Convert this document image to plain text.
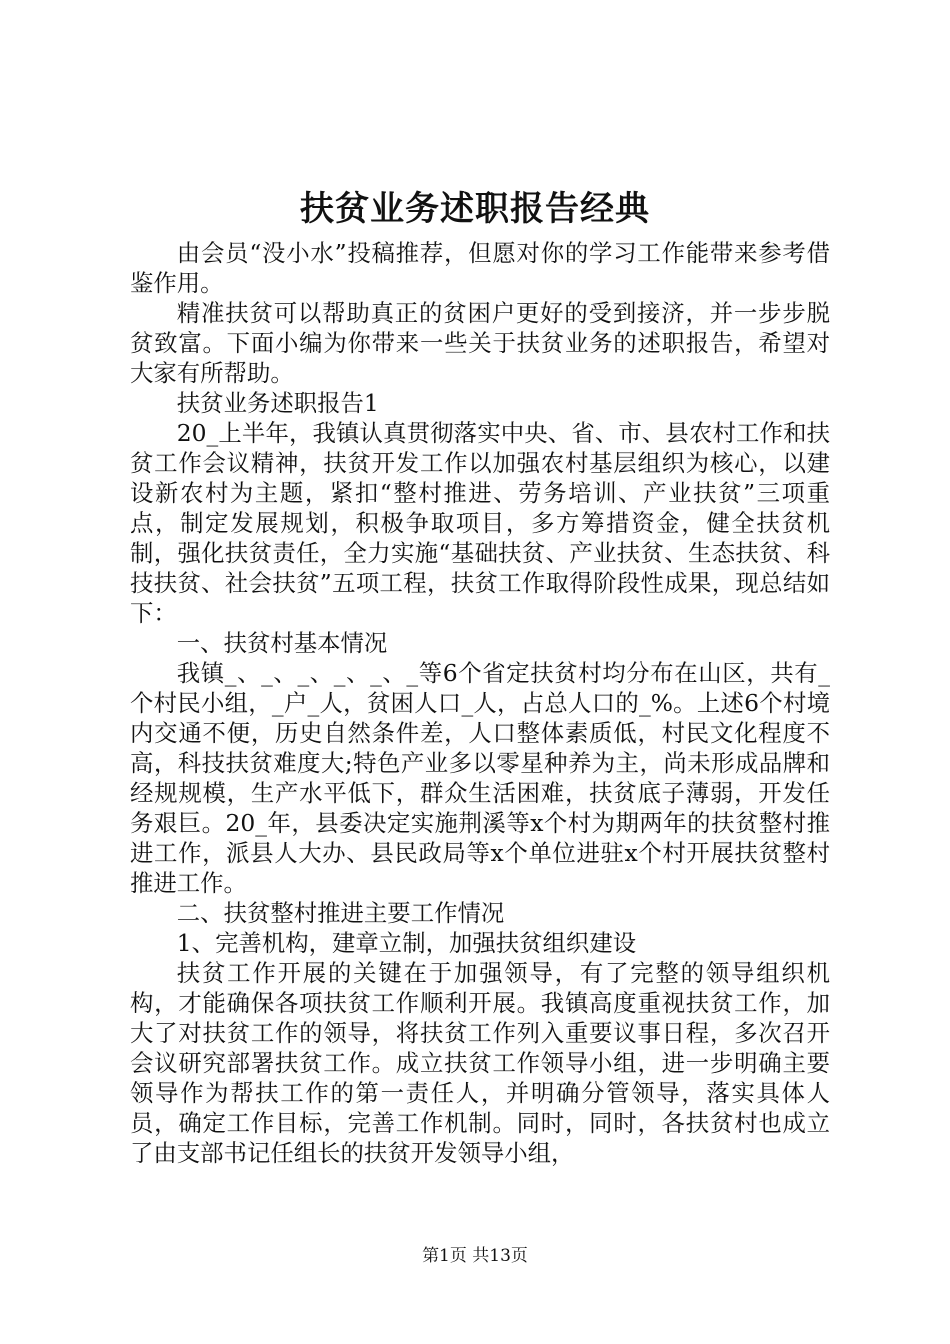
扶贫业务述职报告经典

由会员“没小水”投稿推荐，但愿对你的学习工作能带来参考借鉴作用。

精准扶贫可以帮助真正的贫困户更好的受到接济，并一步步脱贫致富。下面小编为你带来一些关于扶贫业务的述职报告，希望对大家有所帮助。

扶贫业务述职报告1

20_上半年，我镇认真贯彻落实中央、省、市、县农村工作和扶贫工作会议精神，扶贫开发工作以加强农村基层组织为核心，以建设新农村为主题，紧扣“整村推进、劳务培训、产业扶贫”三项重点，制定发展规划，积极争取项目，多方筹措资金，健全扶贫机制，强化扶贫责任，全力实施“基础扶贫、产业扶贫、生态扶贫、科技扶贫、社会扶贫”五项工程，扶贫工作取得阶段性成果，现总结如下：

一、扶贫村基本情况

我镇_、_、_、_、_、_等6个省定扶贫村均分布在山区，共有_个村民小组，_户_人，贫困人口_人，占总人口的_%。上述6个村境内交通不便，历史自然条件差，人口整体素质低，村民文化程度不高，科技扶贫难度大;特色产业多以零星种养为主，尚未形成品牌和经规规模，生产水平低下，群众生活困难，扶贫底子薄弱，开发任务艰巨。20_年，县委决定实施荆溪等x个村为期两年的扶贫整村推进工作，派县人大办、县民政局等x个单位进驻x个村开展扶贫整村推进工作。

二、扶贫整村推进主要工作情况

1、完善机构，建章立制，加强扶贫组织建设

扶贫工作开展的关键在于加强领导，有了完整的领导组织机构，才能确保各项扶贫工作顺利开展。我镇高度重视扶贫工作，加大了对扶贫工作的领导，将扶贫工作列入重要议事日程，多次召开会议研究部署扶贫工作。成立扶贫工作领导小组，进一步明确主要领导作为帮扶工作的第一责任人，并明确分管领导，落实具体人员，确定工作目标，完善工作机制。同时，同时，各扶贫村也成立了由支部书记任组长的扶贫开发领导小组，

第1页 共13页
